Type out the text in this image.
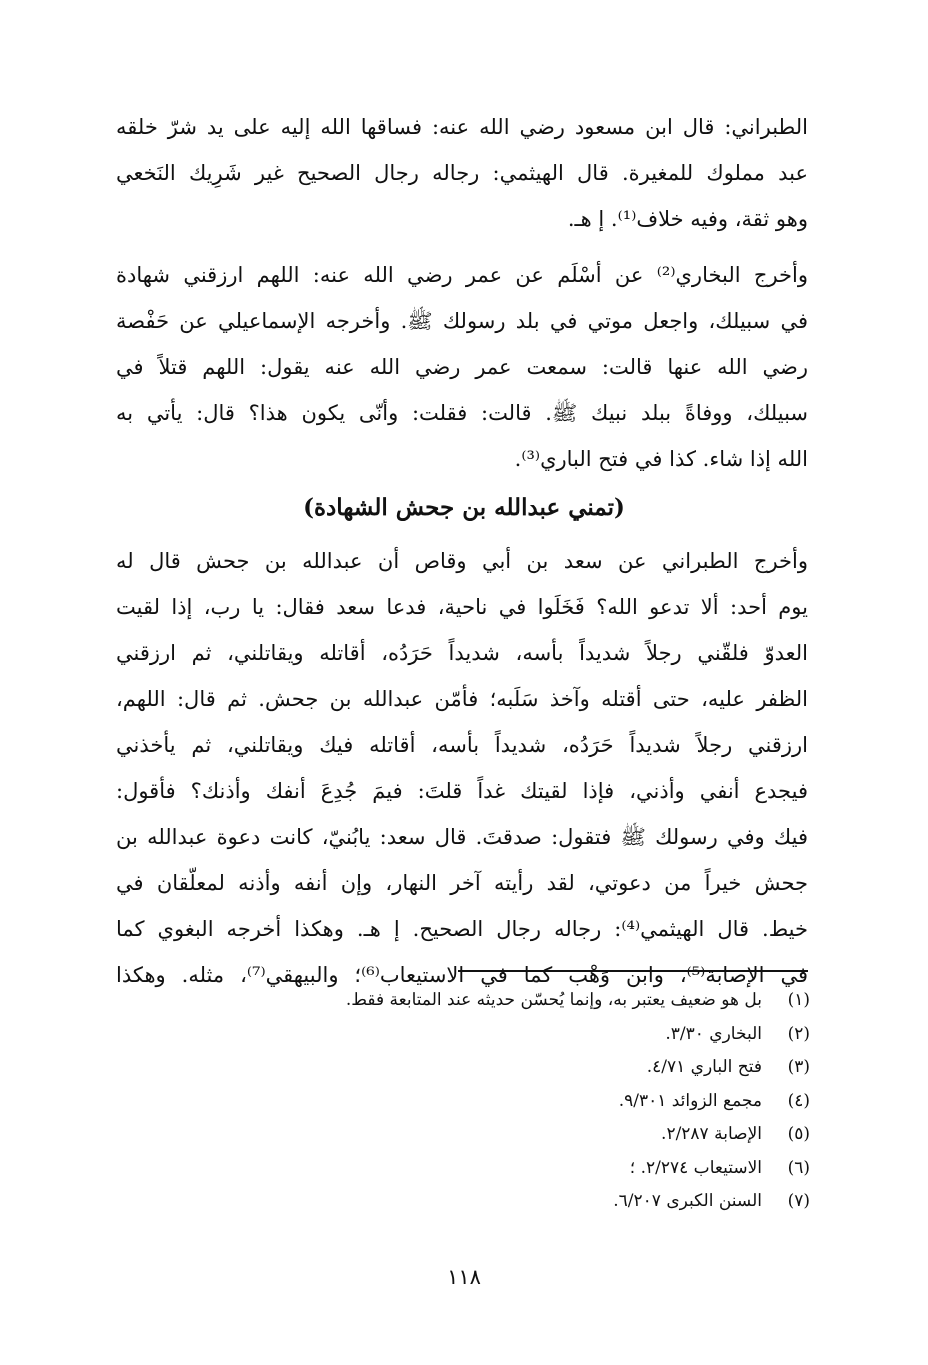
الطبراني: قال ابن مسعود رضي الله عنه: فساقها الله إليه على يد شرّ خلقه
عبد مملوك للمغيرة. قال الهيثمي: رجاله رجال الصحيح غير شَرِيك النَخعي
وهو ثقة، وفيه خلاف⁽¹⁾. إ هـ.
وأخرج البخاري⁽²⁾ عن أسْلَم عن عمر رضي الله عنه: اللهم ارزقني شهادة
في سبيلك، واجعل موتي في بلد رسولك ﷺ. وأخرجه الإسماعيلي عن حَفْصة
رضي الله عنها قالت: سمعت عمر رضي الله عنه يقول: اللهم قتلاً في
سبيلك، ووفاةً ببلد نبيك ﷺ. قالت: فقلت: وأنّى يكون هذا؟ قال: يأتي به
الله إذا شاء. كذا في فتح الباري⁽³⁾.
(تمني عبدالله بن جحش الشهادة)
وأخرج الطبراني عن سعد بن أبي وقاص أن عبدالله بن جحش قال له
يوم أحد: ألا تدعو الله؟ فَخَلَوا في ناحية، فدعا سعد فقال: يا رب، إذا لقيت
العدوّ فلقّني رجلاً شديداً بأسه، شديداً حَرَدُه، أقاتله ويقاتلني، ثم ارزقني
الظفر عليه، حتى أقتله وآخذ سَلَبه؛ فأمّن عبدالله بن جحش. ثم قال: اللهم،
ارزقني رجلاً شديداً حَرَدُه، شديداً بأسه، أقاتله فيك ويقاتلني، ثم يأخذني
فيجدع أنفي وأذني، فإذا لقيتك غداً قلتَ: فيمَ جُدِعَ أنفك وأذنك؟ فأقول:
فيك وفي رسولك ﷺ فتقول: صدقتَ. قال سعد: يابُنيّ، كانت دعوة عبدالله بن
جحش خيراً من دعوتي، لقد رأيته آخر النهار، وإن أنفه وأذنه لمعلّقان في
خيط. قال الهيثمي⁽⁴⁾: رجاله رجال الصحيح. إ هـ. وهكذا أخرجه البغوي كما
في الإصابة⁽⁵⁾، وابن وَهْب كما في الاستيعاب⁽⁶⁾؛ والبيهقي⁽⁷⁾، مثله. وهكذا
(١)
بل هو ضعيف يعتبر به، وإنما يُحسّن حديثه عند المتابعة فقط.
(٢)
البخاري ٣/٣٠.
(٣)
فتح الباري ٤/٧١.
(٤)
مجمع الزوائد ٩/٣٠١.
(٥)
الإصابة ٢/٢٨٧.
(٦)
الاستيعاب ٢/٢٧٤. ؛
(٧)
السنن الكبرى ٦/٢٠٧.
١١٨
